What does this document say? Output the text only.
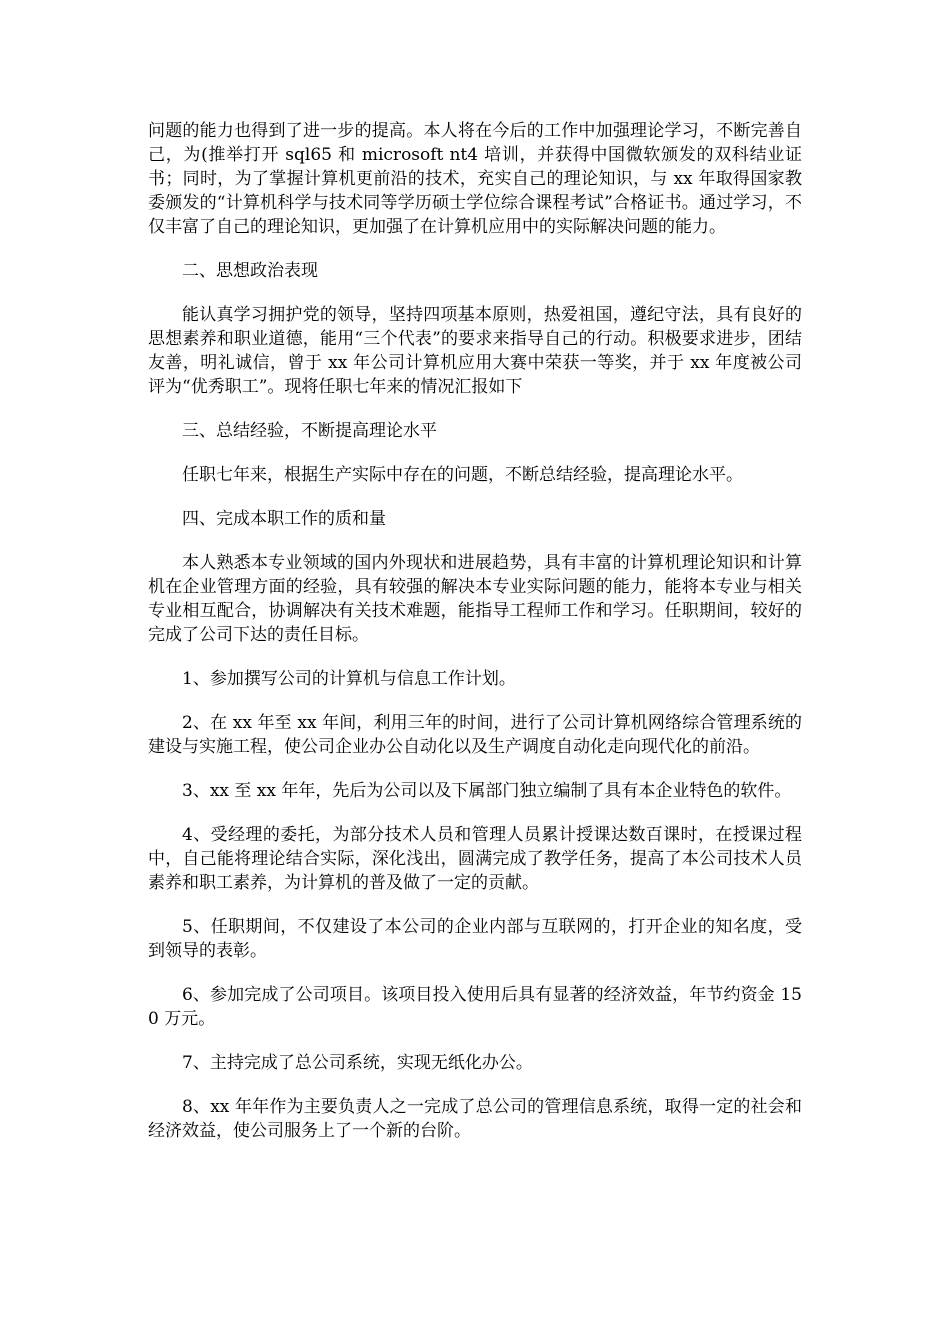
问题的能力也得到了进一步的提高。本人将在今后的工作中加强理论学习，不断完善自己，为(推举打开 sql65 和 microsoft nt4 培训，并获得中国微软颁发的双科结业证书；同时，为了掌握计算机更前沿的技术，充实自己的理论知识，与 xx 年取得国家教委颁发的“计算机科学与技术同等学历硕士学位综合课程考试”合格证书。通过学习，不仅丰富了自己的理论知识，更加强了在计算机应用中的实际解决问题的能力。

二、思想政治表现

能认真学习拥护党的领导，坚持四项基本原则，热爱祖国，遵纪守法，具有良好的思想素养和职业道德，能用“三个代表”的要求来指导自己的行动。积极要求进步，团结友善，明礼诚信，曾于 xx 年公司计算机应用大赛中荣获一等奖，并于 xx 年度被公司评为“优秀职工”。现将任职七年来的情况汇报如下

三、总结经验，不断提高理论水平

任职七年来，根据生产实际中存在的问题，不断总结经验，提高理论水平。

四、完成本职工作的质和量

本人熟悉本专业领域的国内外现状和进展趋势，具有丰富的计算机理论知识和计算机在企业管理方面的经验，具有较强的解决本专业实际问题的能力，能将本专业与相关专业相互配合，协调解决有关技术难题，能指导工程师工作和学习。任职期间，较好的完成了公司下达的责任目标。

1、参加撰写公司的计算机与信息工作计划。

2、在 xx 年至 xx 年间，利用三年的时间，进行了公司计算机网络综合管理系统的建设与实施工程，使公司企业办公自动化以及生产调度自动化走向现代化的前沿。

3、xx 至 xx 年年，先后为公司以及下属部门独立编制了具有本企业特色的软件。

4、受经理的委托，为部分技术人员和管理人员累计授课达数百课时，在授课过程中，自己能将理论结合实际，深化浅出，圆满完成了教学任务，提高了本公司技术人员素养和职工素养，为计算机的普及做了一定的贡献。

5、任职期间，不仅建设了本公司的企业内部与互联网的，打开企业的知名度，受到领导的表彰。

6、参加完成了公司项目。该项目投入使用后具有显著的经济效益，年节约资金 150 万元。

7、主持完成了总公司系统，实现无纸化办公。

8、xx 年年作为主要负责人之一完成了总公司的管理信息系统，取得一定的社会和经济效益，使公司服务上了一个新的台阶。
